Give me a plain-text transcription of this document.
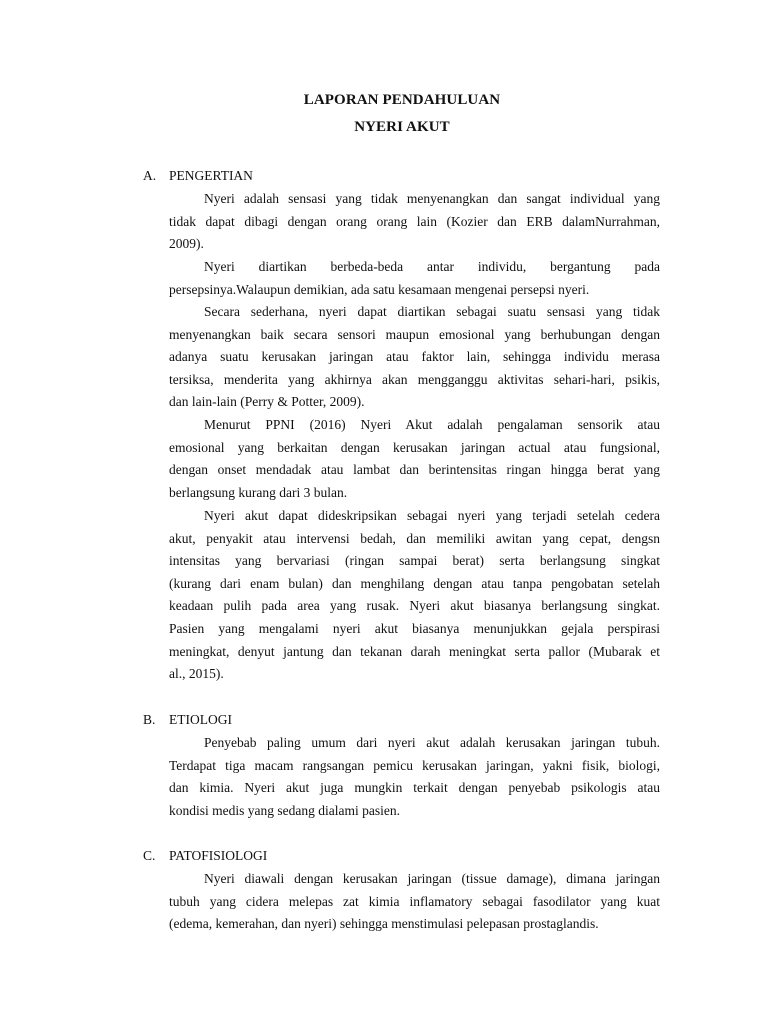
LAPORAN PENDAHULUAN
NYERI AKUT
A. PENGERTIAN
Nyeri adalah sensasi yang tidak menyenangkan dan sangat individual yang
tidak dapat dibagi dengan orang orang lain (Kozier dan ERB dalamNurrahman,
2009).
Nyeri diartikan berbeda-beda antar individu, bergantung pada
persepsinya.Walaupun demikian, ada satu kesamaan mengenai persepsi nyeri.
Secara sederhana, nyeri dapat diartikan sebagai suatu sensasi yang tidak
menyenangkan baik secara sensori maupun emosional yang berhubungan dengan
adanya suatu kerusakan jaringan atau faktor lain, sehingga individu merasa
tersiksa, menderita yang akhirnya akan mengganggu aktivitas sehari-hari, psikis,
dan lain-lain (Perry & Potter, 2009).
Menurut PPNI (2016) Nyeri Akut adalah pengalaman sensorik atau
emosional yang berkaitan dengan kerusakan jaringan actual atau fungsional,
dengan onset mendadak atau lambat dan berintensitas ringan hingga berat yang
berlangsung kurang dari 3 bulan.
Nyeri akut dapat dideskripsikan sebagai nyeri yang terjadi setelah cedera
akut, penyakit atau intervensi bedah, dan memiliki awitan yang cepat, dengsn
intensitas yang bervariasi (ringan sampai berat) serta berlangsung singkat
(kurang dari enam bulan) dan menghilang dengan atau tanpa pengobatan setelah
keadaan pulih pada area yang rusak. Nyeri akut biasanya berlangsung singkat.
Pasien yang mengalami nyeri akut biasanya menunjukkan gejala perspirasi
meningkat, denyut jantung dan tekanan darah meningkat serta pallor (Mubarak et
al., 2015).
B. ETIOLOGI
Penyebab paling umum dari nyeri akut adalah kerusakan jaringan tubuh.
Terdapat tiga macam rangsangan pemicu kerusakan jaringan, yakni fisik, biologi,
dan kimia. Nyeri akut juga mungkin terkait dengan penyebab psikologis atau
kondisi medis yang sedang dialami pasien.
C. PATOFISIOLOGI
Nyeri diawali dengan kerusakan jaringan (tissue damage), dimana jaringan
tubuh yang cidera melepas zat kimia inflamatory sebagai fasodilator yang kuat
(edema, kemerahan, dan nyeri) sehingga menstimulasi pelepasan prostaglandis.
